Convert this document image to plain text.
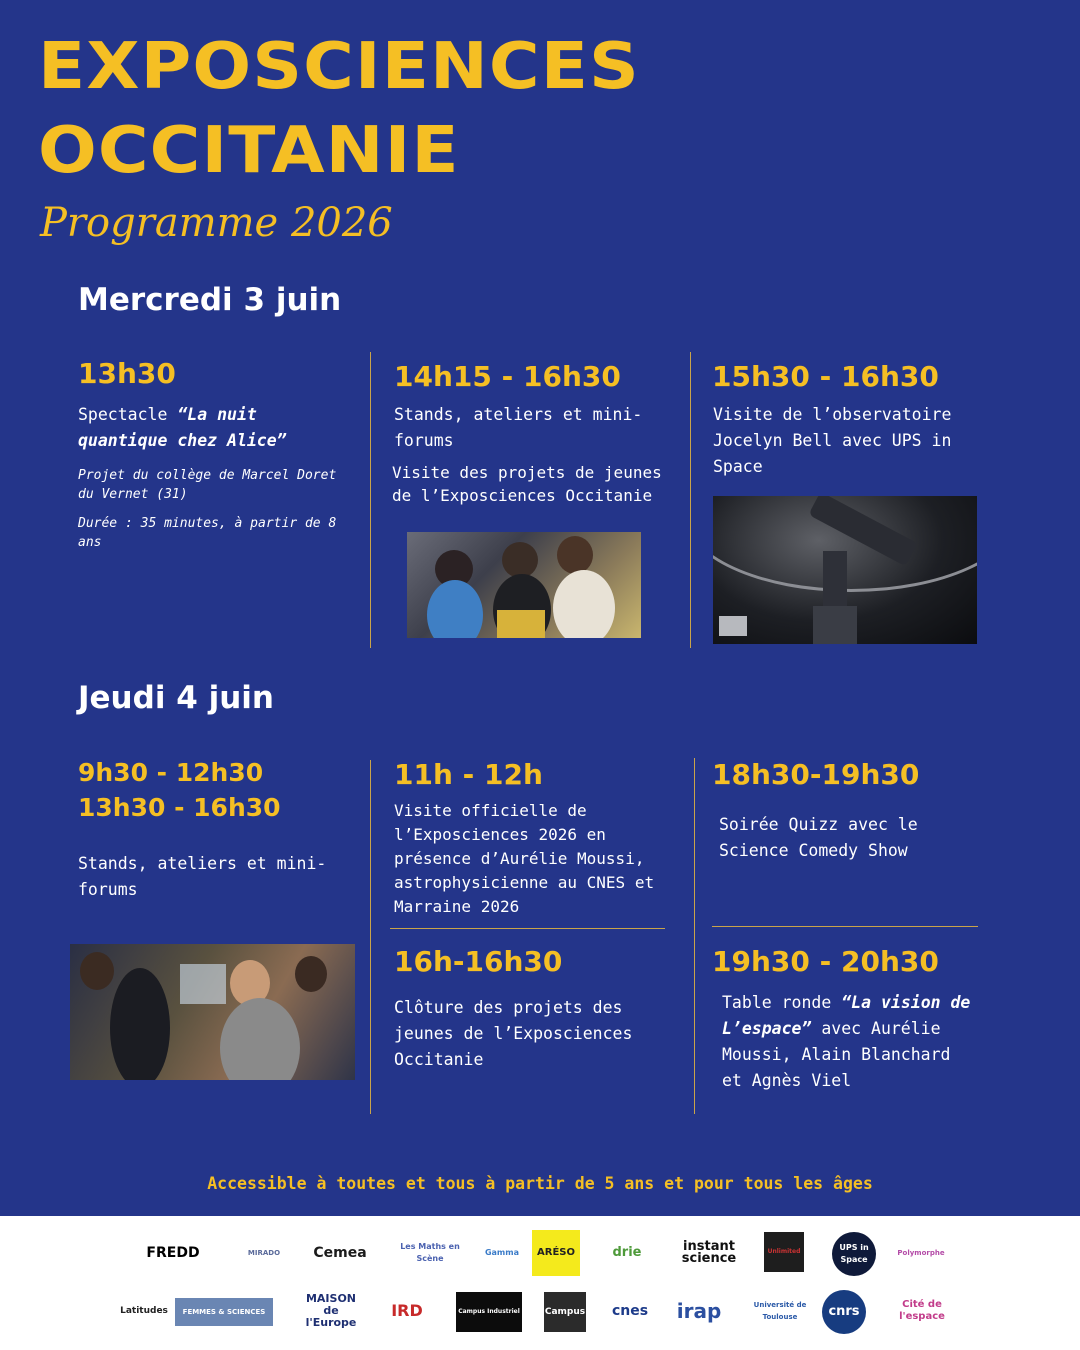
EXPOSCIENCES
OCCITANIE
Programme 2026
Mercredi 3 juin
13h30
Spectacle “La nuit quantique chez Alice”
Projet du collège de Marcel Doret du Vernet (31)
Durée : 35 minutes, à partir de 8 ans
14h15 - 16h30
Stands, ateliers et mini-forums
Visite des projets de jeunes de l’Exposciences Occitanie
15h30 - 16h30
Visite de l’observatoire Jocelyn Bell avec UPS in Space
Jeudi 4 juin
9h30 - 12h30
13h30 - 16h30
Stands, ateliers et mini-forums
11h - 12h
Visite officielle de l’Exposciences 2026 en présence d’Aurélie Moussi, astrophysicienne au CNES et Marraine 2026
16h-16h30
Clôture des projets des jeunes de l’Exposciences Occitanie
18h30-19h30
Soirée Quizz avec le Science Comedy Show
19h30 - 20h30
Table ronde “La vision de L’espace” avec Aurélie Moussi, Alain Blanchard et Agnès Viel
Accessible à toutes et tous à partir de 5 ans et pour tous les âges
FREDD	MIRADO	Cemea	Les Maths en Scène
Gamma	ARÉSO	drie	instant science	Unlimited	UPS in Space
Polymorphe
Latitudes	FEMMES & SCIENCES
MAISON de l'Europe
IRD	Campus Industriel	Campus	cnes	irap	Université de Toulouse	cnrs	Cité de l'espace
